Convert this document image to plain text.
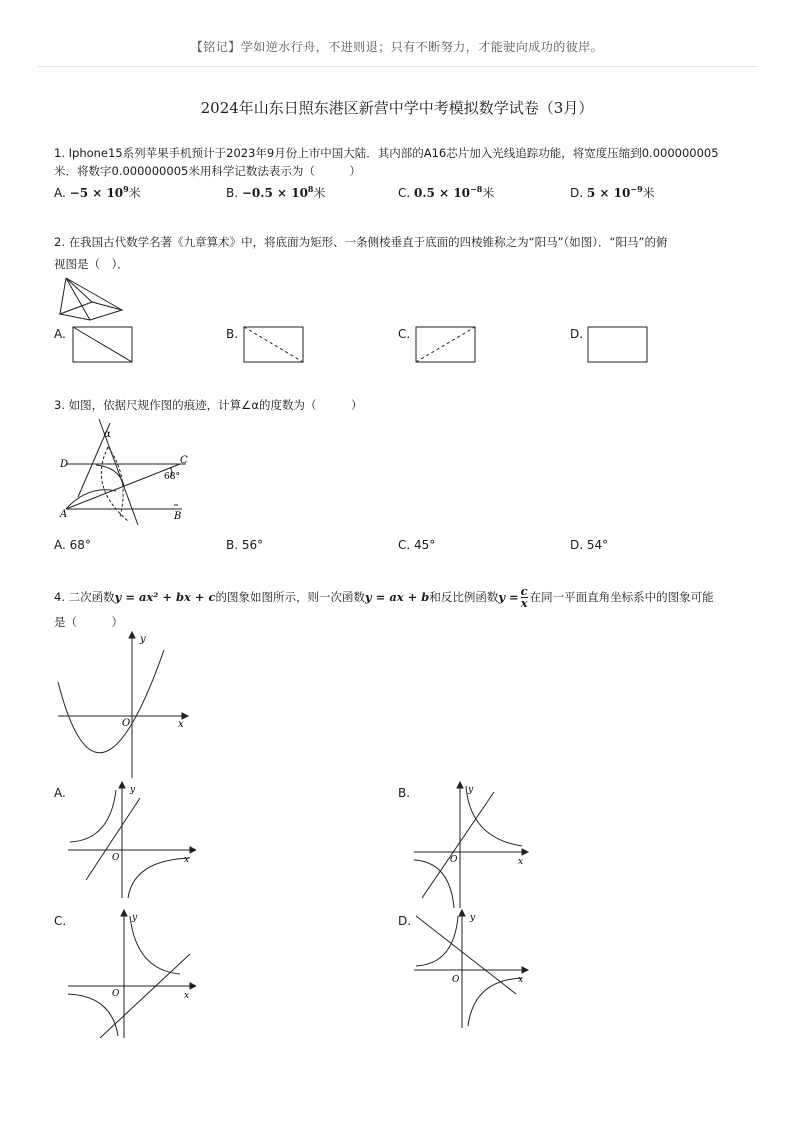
【铭记】学如逆水行舟，不进则退；只有不断努力，才能驶向成功的彼岸。
2024年山东日照东港区新营中学中考模拟数学试卷（3月）
1. Iphone15系列苹果手机预计于2023年9月份上市中国大陆．其内部的A16芯片加入光线追踪功能，将宽度压缩到0.000000005
米．将数字0.000000005米用科学记数法表示为（　　　）
A. $-5 \times 10^9$米	B. $-0.5 \times 10^8$米	C. $0.5 \times 10^{-8}$米	D. $5 \times 10^{-9}$米
2. 在我国古代数学名著《九章算术》中，将底面为矩形、一条侧棱垂直于底面的四棱锥称之为“阳马”（如图）．“阳马”的俯
视图是（　）．
A.	B.	C.	D.
3. 如图，依据尺规作图的痕迹，计算∠α的度数为（　　　）
D	C
A	B
α
68°
A. 68°	B. 56°	C. 45°	D. 54°
4. 二次函数y = ax² + bx + c的图象如图所示，则一次函数y = ax + b和反比例函数$y = \frac{c}{x}$ 在同一平面直角坐标系中的图象可能
是（　　　）
y
x
O
A.	y
x
O
B.	y
x
O
C.	y
x
O
D.	y
x
O
